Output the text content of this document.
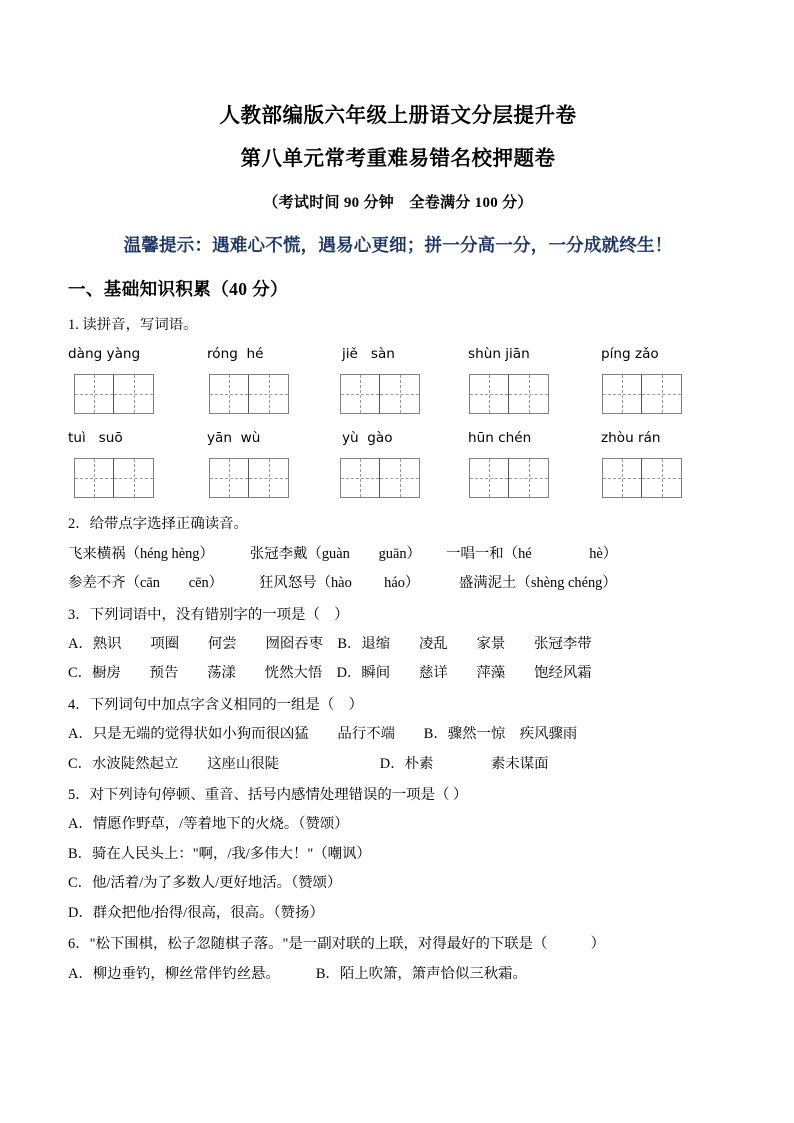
人教部编版六年级上册语文分层提升卷
第八单元常考重难易错名校押题卷
（考试时间 90 分钟　全卷满分 100 分）
温馨提示：遇难心不慌，遇易心更细；拼一分高一分，一分成就终生！
一、基础知识积累（40 分）
1. 读拼音，写词语。
dàng yàng	róng  hé	jiě   sàn	shùn jiān	píng zǎo
tuì   suō	yān  wù	yù  gào	hūn chén	zhòu rán
2．给带点字选择正确读音。
飞来横祸（héng hèng）　　　张冠李戴（guàn　　guān）　　 一唱一和（hé　　　　hè）
参差不齐（cān　　cēn）　　　狂风怒号（hào　　 háo）　　　 盛满泥土（shèng chéng）
3．下列词语中，没有错别字的一项是（　）
A．熟识　　项圈　　何尝　　囫囵吞枣　B．退缩　　凌乱　　家景　　张冠李带
C．橱房　　预告　　荡漾　　恍然大悟　D．瞬间　　慈详　　萍藻　　饱经风霜
4．下列词句中加点字含义相同的一组是（　）
A．只是无端的觉得状如小狗而很凶猛　　品行不端　　B．骤然一惊　疾风骤雨
C．水波陡然起立　　这座山很陡　　　　　　　D．朴素　　　　素未谋面
5．对下列诗句停顿、重音、括号内感情处理错误的一项是（ ）
A．情愿作野草，/等着地下的火烧。（赞颂）
B．骑在人民头上："啊，/我/多伟大！"（嘲讽）
C．他/活着/为了多数人/更好地活。（赞颂）
D．群众把他/抬得/很高，很高。（赞扬）
6．"松下围棋，松子忽随棋子落。"是一副对联的上联，对得最好的下联是（　　　）
A．柳边垂钓，柳丝常伴钓丝悬。　　　B．陌上吹箫，箫声恰似三秋霜。
